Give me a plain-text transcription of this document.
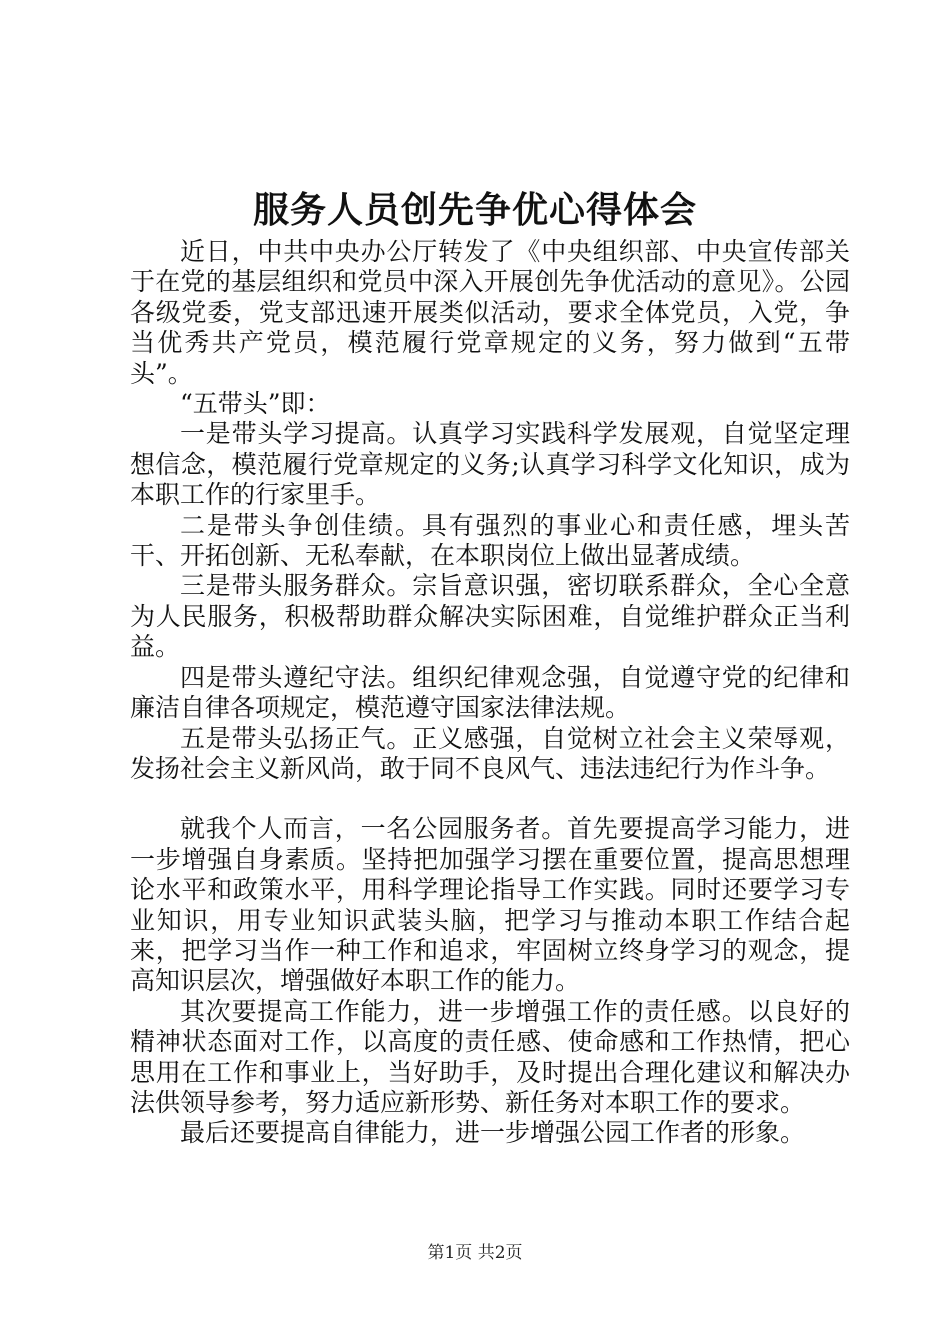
服务人员创先争优心得体会

近日，中共中央办公厅转发了《中央组织部、中央宣传部关于在党的基层组织和党员中深入开展创先争优活动的意见》。公园各级党委，党支部迅速开展类似活动，要求全体党员，入党，争当优秀共产党员，模范履行党章规定的义务，努力做到“五带头”。

“五带头”即：

一是带头学习提高。认真学习实践科学发展观，自觉坚定理想信念，模范履行党章规定的义务;认真学习科学文化知识，成为本职工作的行家里手。

二是带头争创佳绩。具有强烈的事业心和责任感，埋头苦干、开拓创新、无私奉献，在本职岗位上做出显著成绩。

三是带头服务群众。宗旨意识强，密切联系群众，全心全意为人民服务，积极帮助群众解决实际困难，自觉维护群众正当利益。

四是带头遵纪守法。组织纪律观念强，自觉遵守党的纪律和廉洁自律各项规定，模范遵守国家法律法规。

五是带头弘扬正气。正义感强，自觉树立社会主义荣辱观，发扬社会主义新风尚，敢于同不良风气、违法违纪行为作斗争。

就我个人而言，一名公园服务者。首先要提高学习能力，进一步增强自身素质。坚持把加强学习摆在重要位置，提高思想理论水平和政策水平，用科学理论指导工作实践。同时还要学习专业知识，用专业知识武装头脑，把学习与推动本职工作结合起来，把学习当作一种工作和追求，牢固树立终身学习的观念，提高知识层次，增强做好本职工作的能力。

其次要提高工作能力，进一步增强工作的责任感。以良好的精神状态面对工作，以高度的责任感、使命感和工作热情，把心思用在工作和事业上，当好助手，及时提出合理化建议和解决办法供领导参考，努力适应新形势、新任务对本职工作的要求。

最后还要提高自律能力，进一步增强公园工作者的形象。

第1页 共2页
